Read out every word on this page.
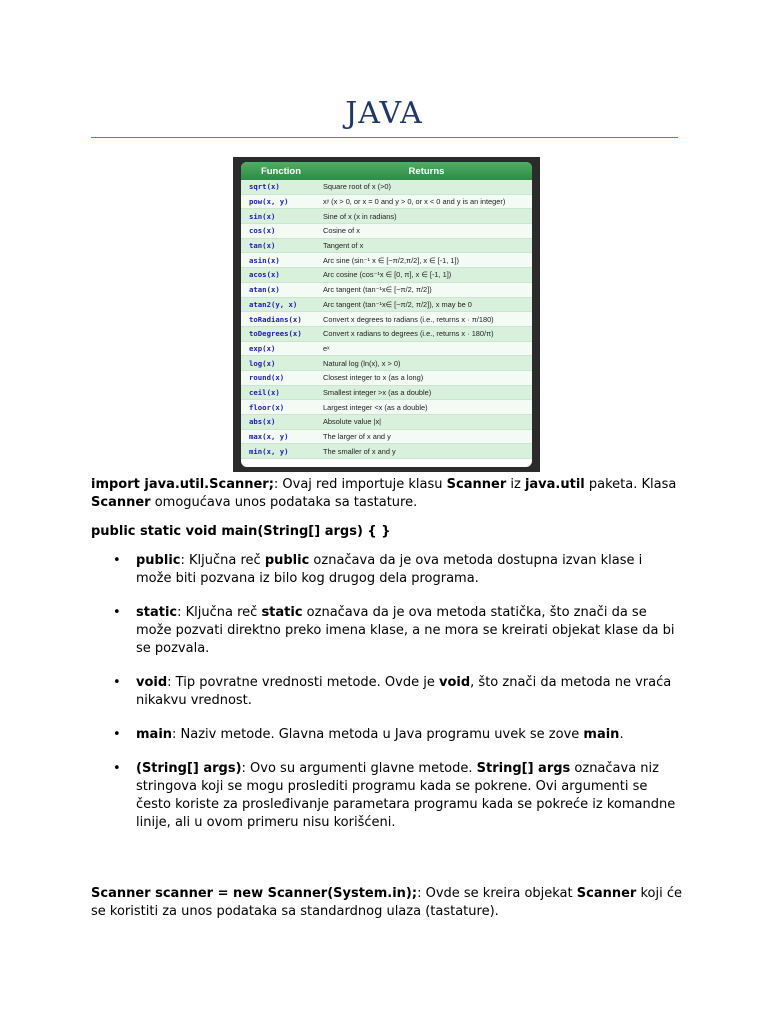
JAVA
Function	Returns
sqrt(x)	Square root of x (>0)
pow(x, y)	xʸ (x > 0, or x = 0 and y > 0, or x < 0 and y is an integer)
sin(x)	Sine of x (x in radians)
cos(x)	Cosine of x
tan(x)	Tangent of x
asin(x)	Arc sine (sin⁻¹ x ∈ [−π/2,π/2], x ∈ [-1, 1])
acos(x)	Arc cosine (cos⁻¹x ∈ [0, π], x ∈ [-1, 1])
atan(x)	Arc tangent (tan⁻¹x∈ [−π/2, π/2])
atan2(y, x)	Arc tangent (tan⁻¹x∈ [−π/2, π/2]), x may be 0
toRadians(x)	Convert x degrees to radians (i.e., returns x · π/180)
toDegrees(x)	Convert x radians to degrees (i.e., returns x · 180/π)
exp(x)	eˣ
log(x)	Natural log (ln(x), x > 0)
round(x)	Closest integer to x (as a long)
ceil(x)	Smallest integer >x (as a double)
floor(x)	Largest integer <x (as a double)
abs(x)	Absolute value |x|
max(x, y)	The larger of x and y
min(x, y)	The smaller of x and y
import java.util.Scanner;: Ovaj red importuje klasu Scanner iz java.util paketa. Klasa
Scanner omogućava unos podataka sa tastature.
public static void main(String[] args) { }
• public: Ključna reč public označava da je ova metoda dostupna izvan klase i može biti pozvana iz bilo kog drugog dela programa.
• static: Ključna reč static označava da je ova metoda statička, što znači da se može pozvati direktno preko imena klase, a ne mora se kreirati objekat klase da bi se pozvala.
• void: Tip povratne vrednosti metode. Ovde je void, što znači da metoda ne vraća nikakvu vrednost.
• main: Naziv metode. Glavna metoda u Java programu uvek se zove main.
• (String[] args): Ovo su argumenti glavne metode. String[] args označava niz stringova koji se mogu proslediti programu kada se pokrene. Ovi argumenti se često koriste za prosleđivanje parametara programu kada se pokreće iz komandne linije, ali u ovom primeru nisu korišćeni.
Scanner scanner = new Scanner(System.in);: Ovde se kreira objekat Scanner koji će se koristiti za unos podataka sa standardnog ulaza (tastature).
